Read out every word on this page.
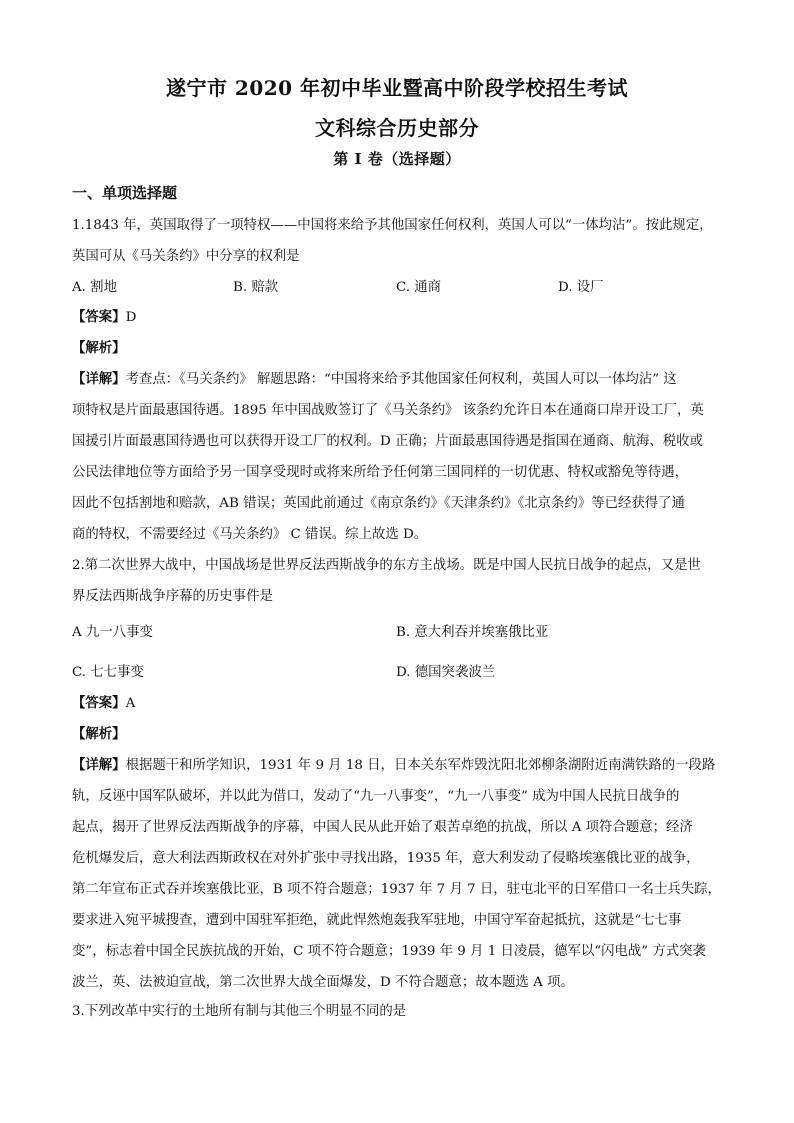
遂宁市 2020 年初中毕业暨高中阶段学校招生考试
文科综合历史部分
第 I 卷（选择题）
一、单项选择题
1.1843 年，英国取得了一项特权——中国将来给予其他国家任何权利，英国人可以“一体均沾”。按此规定，
英国可从《马关条约》中分享的权利是
A. 割地	B. 赔款	C. 通商	D. 设厂
【答案】D
【解析】
【详解】考查点：《马关条约》 解题思路：“中国将来给予其他国家任何权利，英国人可以一体均沾” 这
项特权是片面最惠国待遇。1895 年中国战败签订了《马关条约》 该条约允许日本在通商口岸开设工厂，英
国援引片面最惠国待遇也可以获得开设工厂的权利。D 正确；片面最惠国待遇是指国在通商、航海、税收或
公民法律地位等方面给予另一国享受现时或将来所给予任何第三国同样的一切优惠、特权或豁免等待遇，
因此不包括割地和赔款，AB 错误；英国此前通过《南京条约》《天津条约》《北京条约》等已经获得了通
商的特权，不需要经过《马关条约》 C 错误。综上故选 D。
2.第二次世界大战中，中国战场是世界反法西斯战争的东方主战场。既是中国人民抗日战争的起点，又是世
界反法西斯战争序幕的历史事件是
A 九一八事变	B. 意大利吞并埃塞俄比亚
C. 七七事变	D. 德国突袭波兰
【答案】A
【解析】
【详解】根据题干和所学知识，1931 年 9 月 18 日，日本关东军炸毁沈阳北郊柳条湖附近南满铁路的一段路
轨，反诬中国军队破坏，并以此为借口，发动了“九一八事变”，“九一八事变” 成为中国人民抗日战争的
起点，揭开了世界反法西斯战争的序幕，中国人民从此开始了艰苦卓绝的抗战，所以 A 项符合题意；经济
危机爆发后，意大利法西斯政权在对外扩张中寻找出路，1935 年，意大利发动了侵略埃塞俄比亚的战争，
第二年宣布正式吞并埃塞俄比亚，B 项不符合题意；1937 年 7 月 7 日，驻屯北平的日军借口一名士兵失踪，
要求进入宛平城搜查，遭到中国驻军拒绝，就此悍然炮轰我军驻地，中国守军奋起抵抗，这就是“七七事
变”，标志着中国全民族抗战的开始，C 项不符合题意；1939 年 9 月 1 日凌晨，德军以“闪电战” 方式突袭
波兰，英、法被迫宣战，第二次世界大战全面爆发，D 不符合题意；故本题选 A 项。
3.下列改革中实行的土地所有制与其他三个明显不同的是
